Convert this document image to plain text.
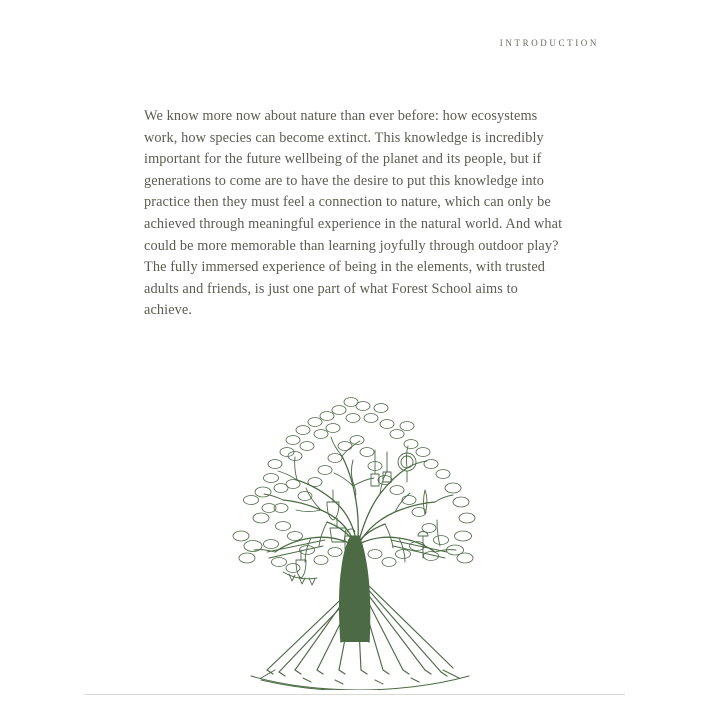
INTRODUCTION
We know more now about nature than ever before: how ecosystems work, how species can become extinct. This knowledge is incredibly important for the future wellbeing of the planet and its people, but if generations to come are to have the desire to put this knowledge into practice then they must feel a connection to nature, which can only be achieved through meaningful experience in the natural world. And what could be more memorable than learning joyfully through outdoor play? The fully immersed experience of being in the elements, with trusted adults and friends, is just one part of what Forest School aims to achieve.
